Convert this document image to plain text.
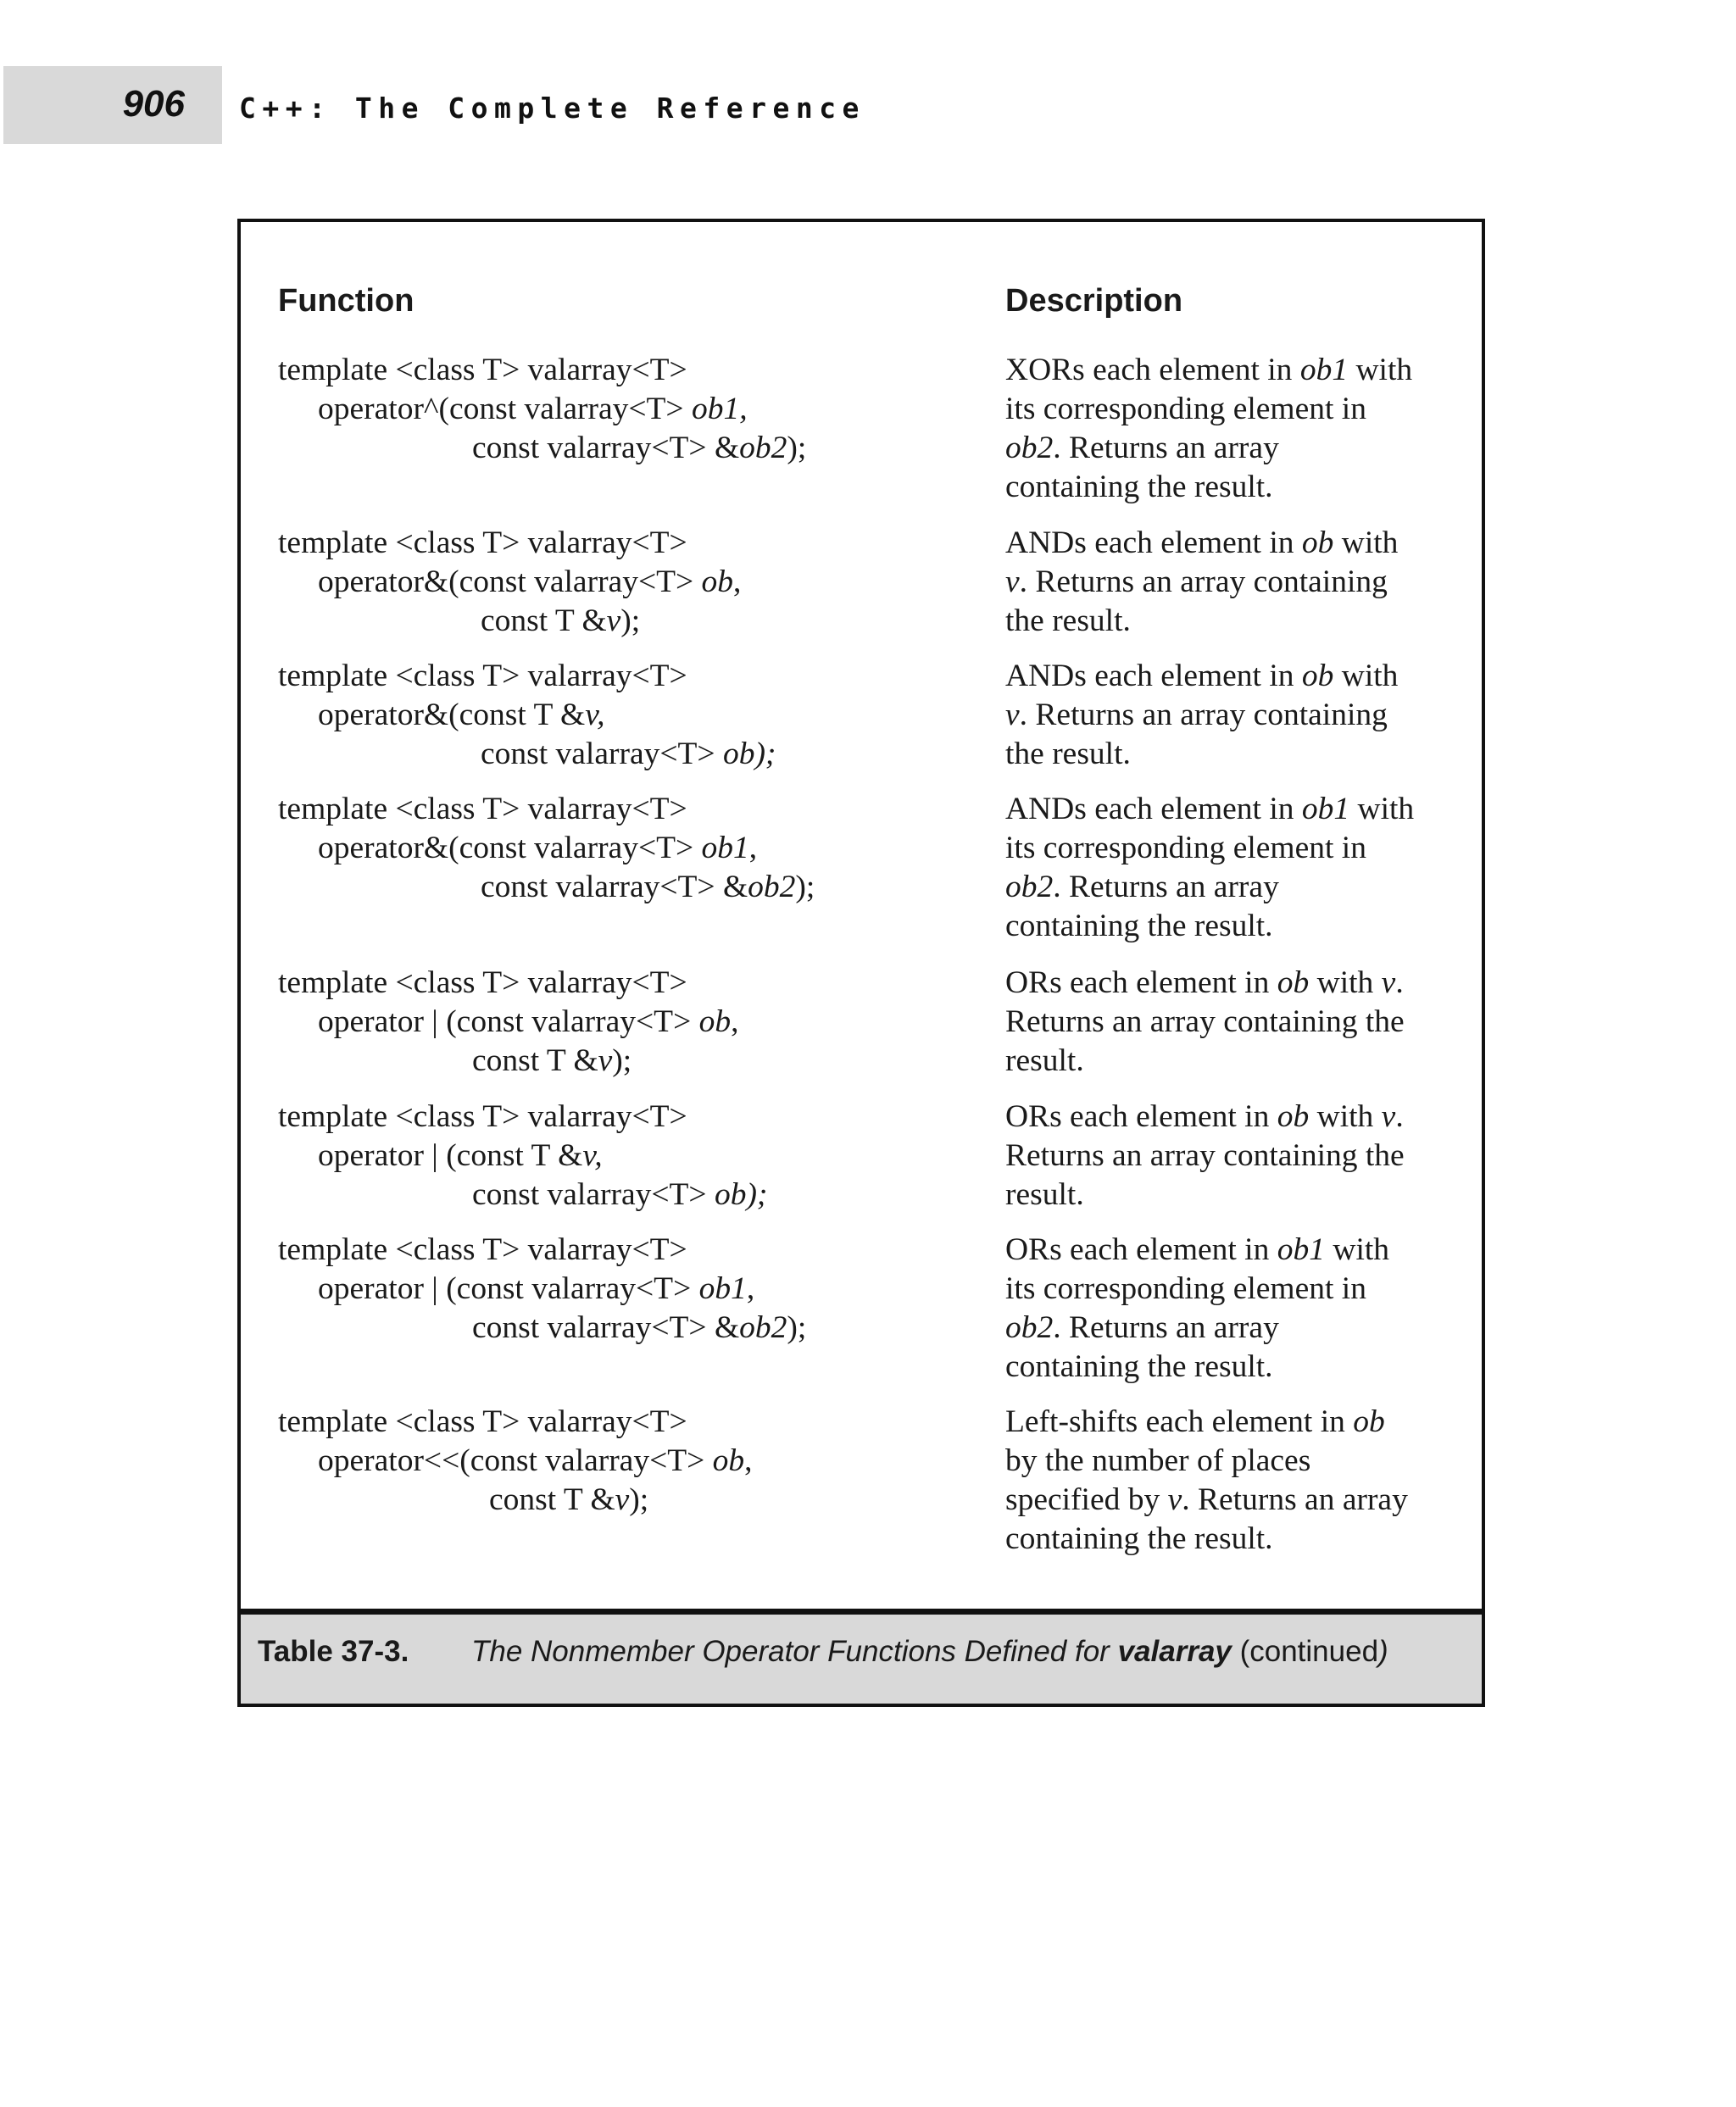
906 C++: The Complete Reference
Function	Description
template <class T> valarray<T>
operator^(const valarray<T> ob1,
const valarray<T> &ob2);
XORs each element in ob1 with
its corresponding element in
ob2. Returns an array
containing the result.
template <class T> valarray<T>
operator&(const valarray<T> ob,
const T &v);
ANDs each element in ob with
v. Returns an array containing
the result.
template <class T> valarray<T>
operator&(const T &v,
const valarray<T> ob);
ANDs each element in ob with
v. Returns an array containing
the result.
template <class T> valarray<T>
operator&(const valarray<T> ob1,
const valarray<T> &ob2);
ANDs each element in ob1 with
its corresponding element in
ob2. Returns an array
containing the result.
template <class T> valarray<T>
operator | (const valarray<T> ob,
const T &v);
ORs each element in ob with v.
Returns an array containing the
result.
template <class T> valarray<T>
operator | (const T &v,
const valarray<T> ob);
ORs each element in ob with v.
Returns an array containing the
result.
template <class T> valarray<T>
operator | (const valarray<T> ob1,
const valarray<T> &ob2);
ORs each element in ob1 with
its corresponding element in
ob2. Returns an array
containing the result.
template <class T> valarray<T>
operator<<(const valarray<T> ob,
const T &v);
Left-shifts each element in ob
by the number of places
specified by v. Returns an array
containing the result.
Table 37-3. The Nonmember Operator Functions Defined for valarray (continued)
